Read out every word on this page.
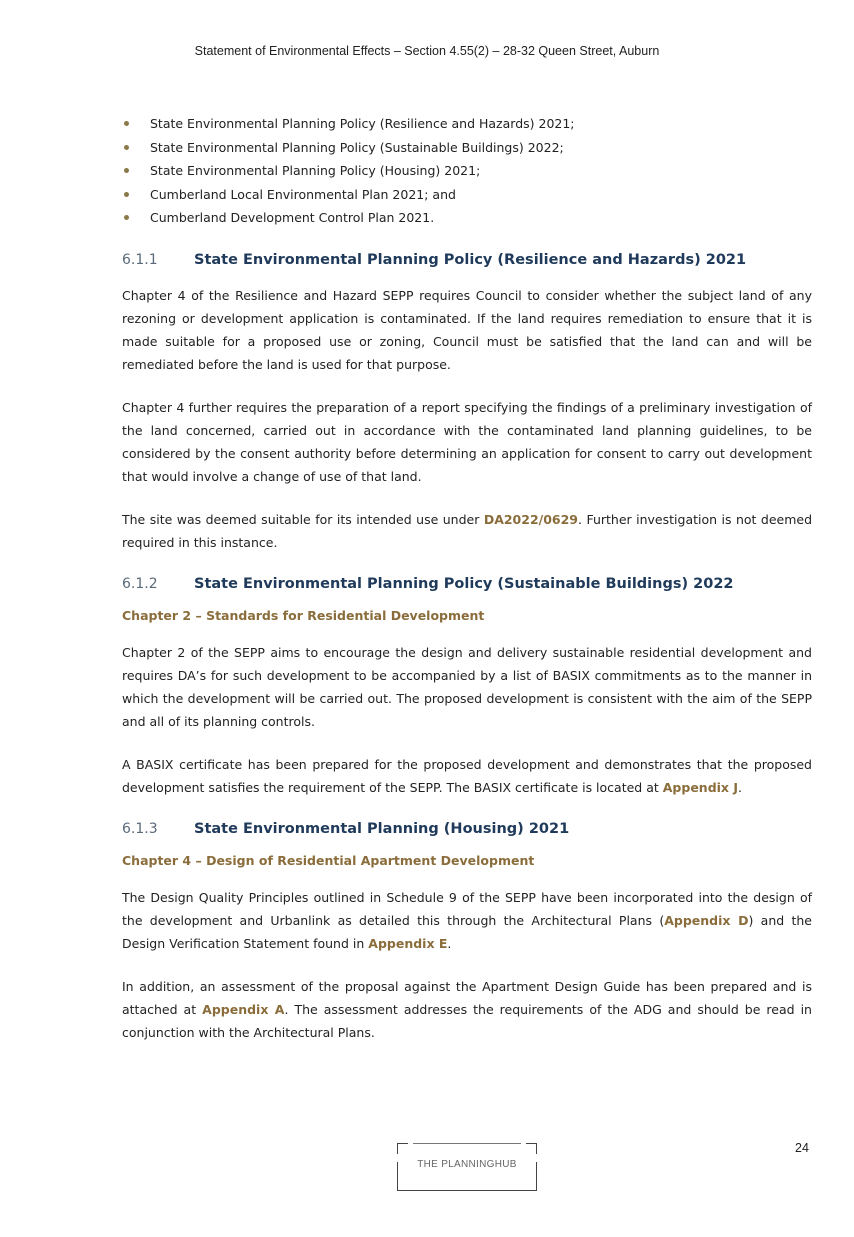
Statement of Environmental Effects – Section 4.55(2) – 28-32 Queen Street, Auburn
State Environmental Planning Policy (Resilience and Hazards) 2021;
State Environmental Planning Policy (Sustainable Buildings) 2022;
State Environmental Planning Policy (Housing) 2021;
Cumberland Local Environmental Plan 2021; and
Cumberland Development Control Plan 2021.
6.1.1	State Environmental Planning Policy (Resilience and Hazards) 2021

Chapter 4 of the Resilience and Hazard SEPP requires Council to consider whether the subject land of any rezoning or development application is contaminated. If the land requires remediation to ensure that it is made suitable for a proposed use or zoning, Council must be satisfied that the land can and will be remediated before the land is used for that purpose.

Chapter 4 further requires the preparation of a report specifying the findings of a preliminary investigation of the land concerned, carried out in accordance with the contaminated land planning guidelines, to be considered by the consent authority before determining an application for consent to carry out development that would involve a change of use of that land.

The site was deemed suitable for its intended use under DA2022/0629. Further investigation is not deemed required in this instance.

6.1.2	State Environmental Planning Policy (Sustainable Buildings) 2022
Chapter 2 – Standards for Residential Development

Chapter 2 of the SEPP aims to encourage the design and delivery sustainable residential development and requires DA’s for such development to be accompanied by a list of BASIX commitments as to the manner in which the development will be carried out. The proposed development is consistent with the aim of the SEPP and all of its planning controls.

A BASIX certificate has been prepared for the proposed development and demonstrates that the proposed development satisfies the requirement of the SEPP. The BASIX certificate is located at Appendix J.

6.1.3	State Environmental Planning (Housing) 2021
Chapter 4 – Design of Residential Apartment Development

The Design Quality Principles outlined in Schedule 9 of the SEPP have been incorporated into the design of the development and Urbanlink as detailed this through the Architectural Plans (Appendix D) and the Design Verification Statement found in Appendix E.

In addition, an assessment of the proposal against the Apartment Design Guide has been prepared and is attached at Appendix A. The assessment addresses the requirements of the ADG and should be read in conjunction with the Architectural Plans.

THE PLANNINGHUB
24
